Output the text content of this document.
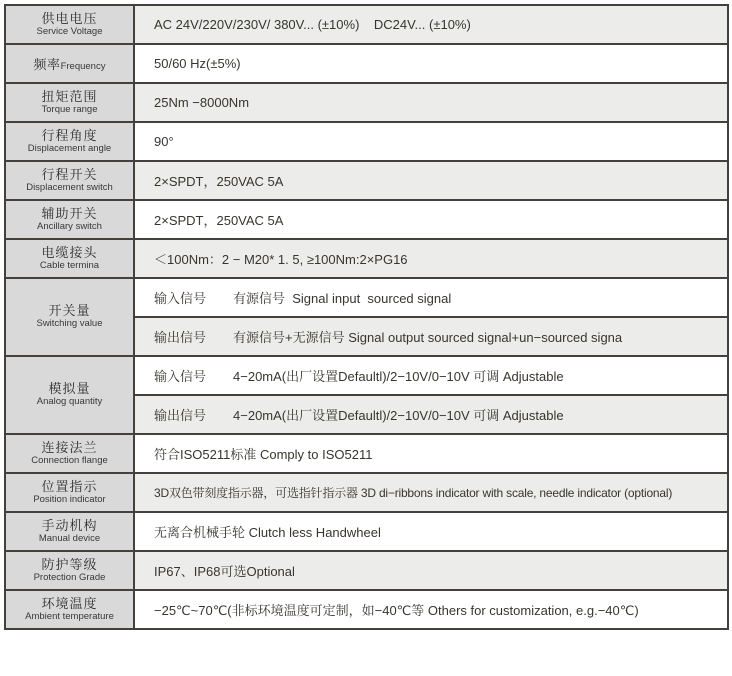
供电电压
Service Voltage	AC 24V/220V/230V/ 380V... (±10%)    DC24V... (±10%)
频率Frequency	50/60 Hz(±5%)

扭矩范围
Torque range	25Nm −8000Nm

行程角度
Displacement angle	90°

行程开关
Displacement switch	2×SPDT，250VAC 5A

辅助开关
Ancillary switch	2×SPDT，250VAC 5A

电缆接头
Cable termina	＜100Nm：2 − M20* 1. 5, ≥100Nm:2×PG16

开关量
Switching value	输入信号 有源信号  Signal input  sourced signal
	输出信号 有源信号+无源信号 Signal output sourced signal+un−sourced signa

模拟量
Analog quantity	输入信号 4−20mA(出厂设置Defaultl)/2−10V/0−10V 可调 Adjustable
	输出信号 4−20mA(出厂设置Defaultl)/2−10V/0−10V 可调 Adjustable

连接法兰
Connection flange	符合ISO5211标准 Comply to ISO5211

位置指示
Position indicator	3D双色带刻度指示器，可选指针指示器 3D di−ribbons indicator with scale, needle indicator (optional)

手动机构
Manual device	无离合机械手轮 Clutch less Handwheel

防护等级
Protection Grade	IP67、IP68可选Optional

环境温度
Ambient temperature	−25℃~70℃(非标环境温度可定制，如−40℃等 Others for customization, e.g.−40℃)
